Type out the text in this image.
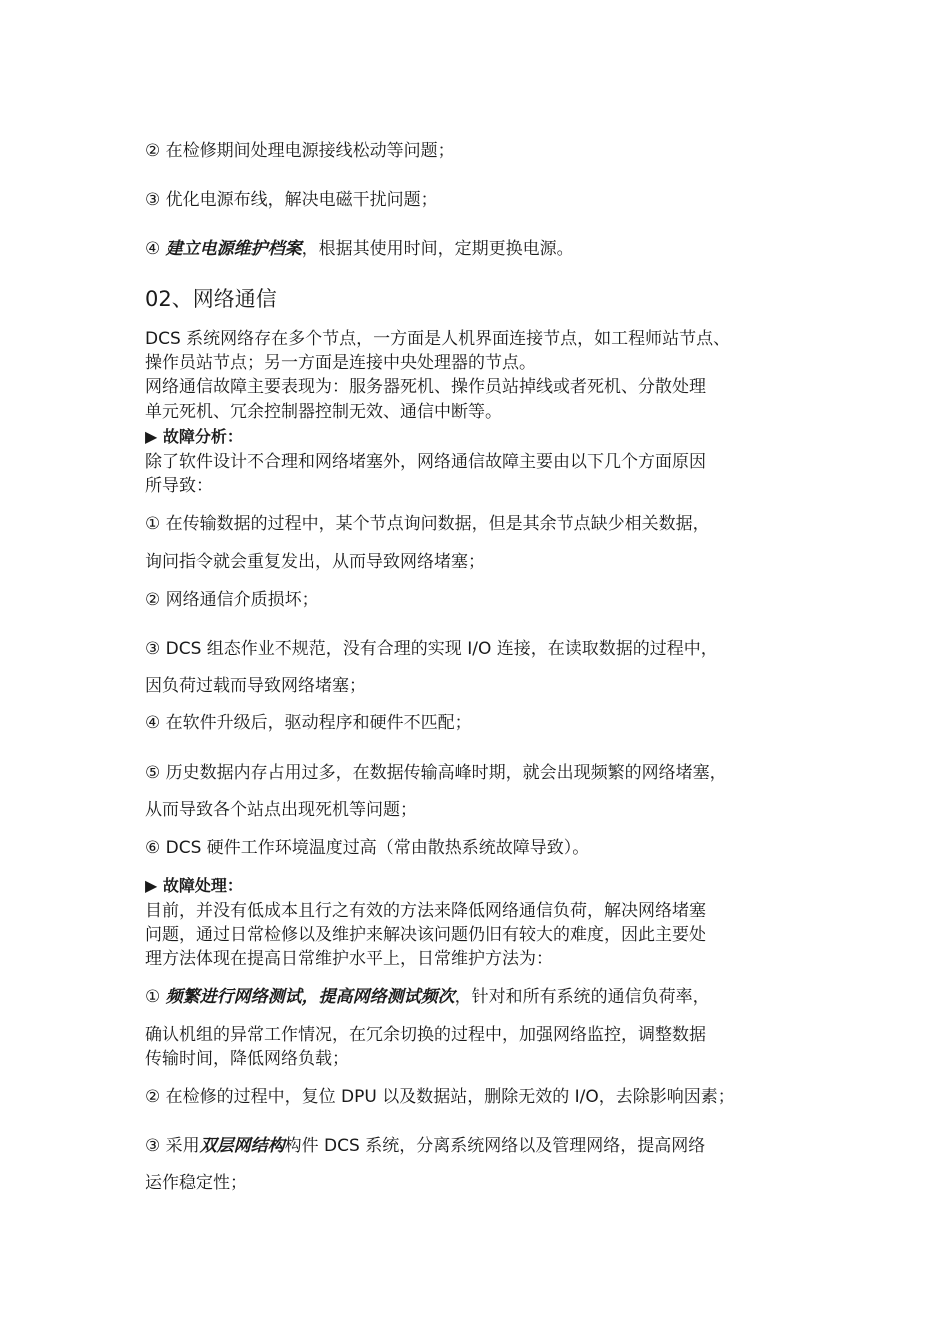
② 在检修期间处理电源接线松动等问题；
③ 优化电源布线，解决电磁干扰问题；
④ 建立电源维护档案，根据其使用时间，定期更换电源。
02、网络通信
DCS 系统网络存在多个节点，一方面是人机界面连接节点，如工程师站节点、
操作员站节点；另一方面是连接中央处理器的节点。
网络通信故障主要表现为：服务器死机、操作员站掉线或者死机、分散处理
单元死机、冗余控制器控制无效、通信中断等。
▶ 故障分析：
除了软件设计不合理和网络堵塞外，网络通信故障主要由以下几个方面原因
所导致：
① 在传输数据的过程中，某个节点询问数据，但是其余节点缺少相关数据，
询问指令就会重复发出，从而导致网络堵塞；
② 网络通信介质损坏；
③ DCS 组态作业不规范，没有合理的实现 I/O 连接，在读取数据的过程中，
因负荷过载而导致网络堵塞；
④ 在软件升级后，驱动程序和硬件不匹配；
⑤ 历史数据内存占用过多，在数据传输高峰时期，就会出现频繁的网络堵塞，
从而导致各个站点出现死机等问题；
⑥ DCS 硬件工作环境温度过高（常由散热系统故障导致）。
▶ 故障处理：
目前，并没有低成本且行之有效的方法来降低网络通信负荷，解决网络堵塞
问题，通过日常检修以及维护来解决该问题仍旧有较大的难度，因此主要处
理方法体现在提高日常维护水平上，日常维护方法为：
① 频繁进行网络测试，提高网络测试频次，针对和所有系统的通信负荷率，
确认机组的异常工作情况，在冗余切换的过程中，加强网络监控，调整数据
传输时间，降低网络负载；
② 在检修的过程中，复位 DPU 以及数据站，删除无效的 I/O，去除影响因素；
③ 采用双层网结构构件 DCS 系统，分离系统网络以及管理网络，提高网络
运作稳定性；
